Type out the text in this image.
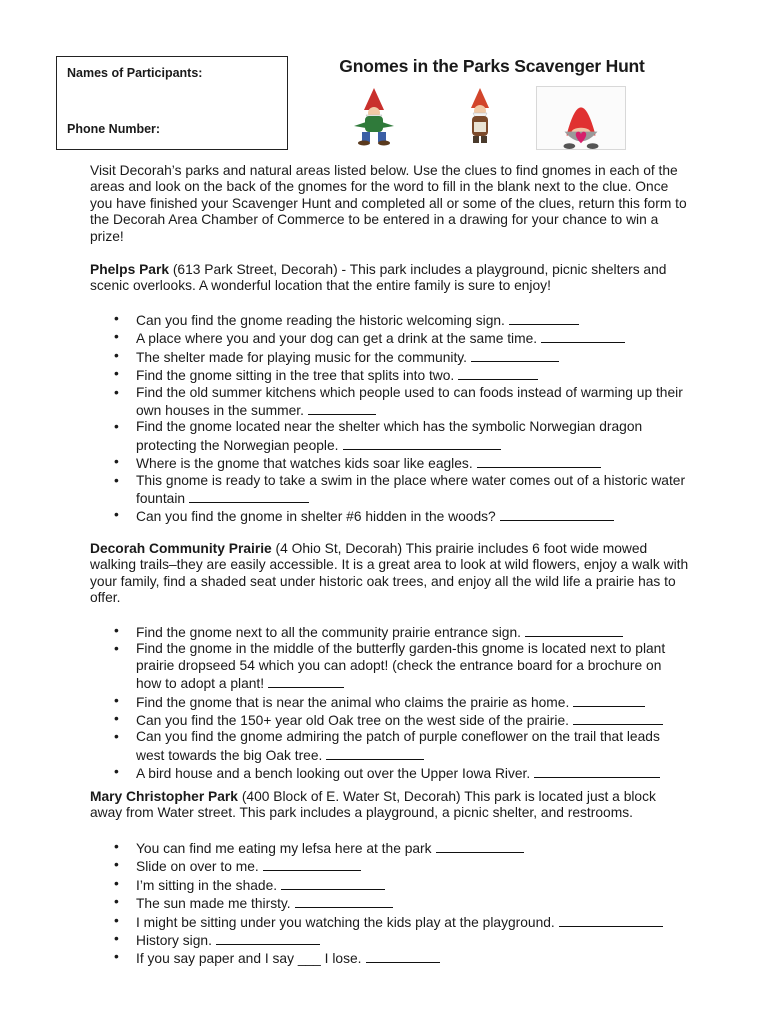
Names of Participants:
Phone Number:
Gnomes in the Parks Scavenger Hunt
Visit Decorah’s parks and natural areas listed below. Use the clues to find gnomes in each of the areas and look on the back of the gnomes for the word to fill in the blank next to the clue. Once you have finished your Scavenger Hunt and completed all or some of the clues, return this form to the Decorah Area Chamber of Commerce to be entered in a drawing for your chance to win a prize!
Phelps Park (613 Park Street, Decorah) - This park includes a playground, picnic shelters and scenic overlooks. A wonderful location that the entire family is sure to enjoy!
• Can you find the gnome reading the historic welcoming sign.
• A place where you and your dog can get a drink at the same time.
• The shelter made for playing music for the community.
• Find the gnome sitting in the tree that splits into two.
• Find the old summer kitchens which people used to can foods instead of warming up their own houses in the summer.
• Find the gnome located near the shelter which has the symbolic Norwegian dragon protecting the Norwegian people.
• Where is the gnome that watches kids soar like eagles.
• This gnome is ready to take a swim in the place where water comes out of a historic water fountain
• Can you find the gnome in shelter #6 hidden in the woods?
Decorah Community Prairie (4 Ohio St, Decorah) This prairie includes 6 foot wide mowed walking trails–they are easily accessible. It is a great area to look at wild flowers, enjoy a walk with your family, find a shaded seat under historic oak trees, and enjoy all the wild life a prairie has to offer.
• Find the gnome next to all the community prairie entrance sign.
• Find the gnome in the middle of the butterfly garden-this gnome is located next to plant prairie dropseed 54 which you can adopt! (check the entrance board for a brochure on how to adopt a plant!
• Find the gnome that is near the animal who claims the prairie as home.
• Can you find the 150+ year old Oak tree on the west side of the prairie.
• Can you find the gnome admiring the patch of purple coneflower on the trail that leads west towards the big Oak tree.
• A bird house and a bench looking out over the Upper Iowa River.
Mary Christopher Park (400 Block of E. Water St, Decorah) This park is located just a block away from Water street. This park includes a playground, a picnic shelter, and restrooms.
• You can find me eating my lefsa here at the park
• Slide on over to me.
• I’m sitting in the shade.
• The sun made me thirsty.
• I might be sitting under you watching the kids play at the playground.
• History sign.
• If you say paper and I say ___ I lose.
